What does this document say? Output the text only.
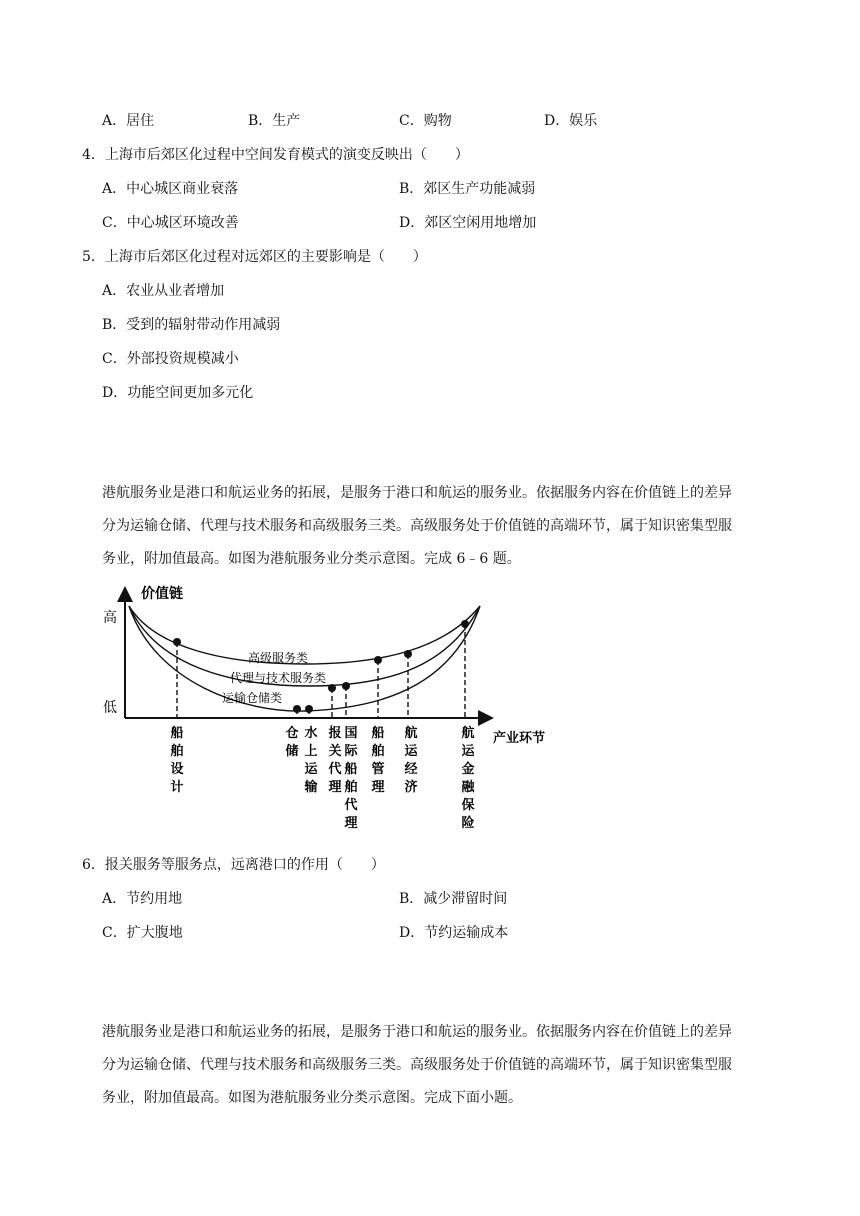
A．居住	B．生产	C．购物	D．娱乐
4．上海市后郊区化过程中空间发育模式的演变反映出（　　）
A．中心城区商业衰落	B．郊区生产功能减弱
C．中心城区环境改善	D．郊区空闲用地增加
5．上海市后郊区化过程对远郊区的主要影响是（　　）
A．农业从业者增加
B．受到的辐射带动作用减弱
C．外部投资规模减小
D．功能空间更加多元化
港航服务业是港口和航运业务的拓展，是服务于港口和航运的服务业。依据服务内容在价值链上的差异
分为运输仓储、代理与技术服务和高级服务三类。高级服务处于价值链的高端环节，属于知识密集型服
务业，附加值最高。如图为港航服务业分类示意图。完成 6﹣6 题。
价值链
高
低
产业环节
高级服务类
代理与技术服务类
运输仓储类
船舶设计
仓储
水上运输
报关代理
国际船舶代理
船舶管理
航运经济
航运金融保险
6．报关服务等服务点，远离港口的作用（　　）
A．节约用地	B．减少滞留时间
C．扩大腹地	D．节约运输成本
港航服务业是港口和航运业务的拓展，是服务于港口和航运的服务业。依据服务内容在价值链上的差异
分为运输仓储、代理与技术服务和高级服务三类。高级服务处于价值链的高端环节，属于知识密集型服
务业，附加值最高。如图为港航服务业分类示意图。完成下面小题。
